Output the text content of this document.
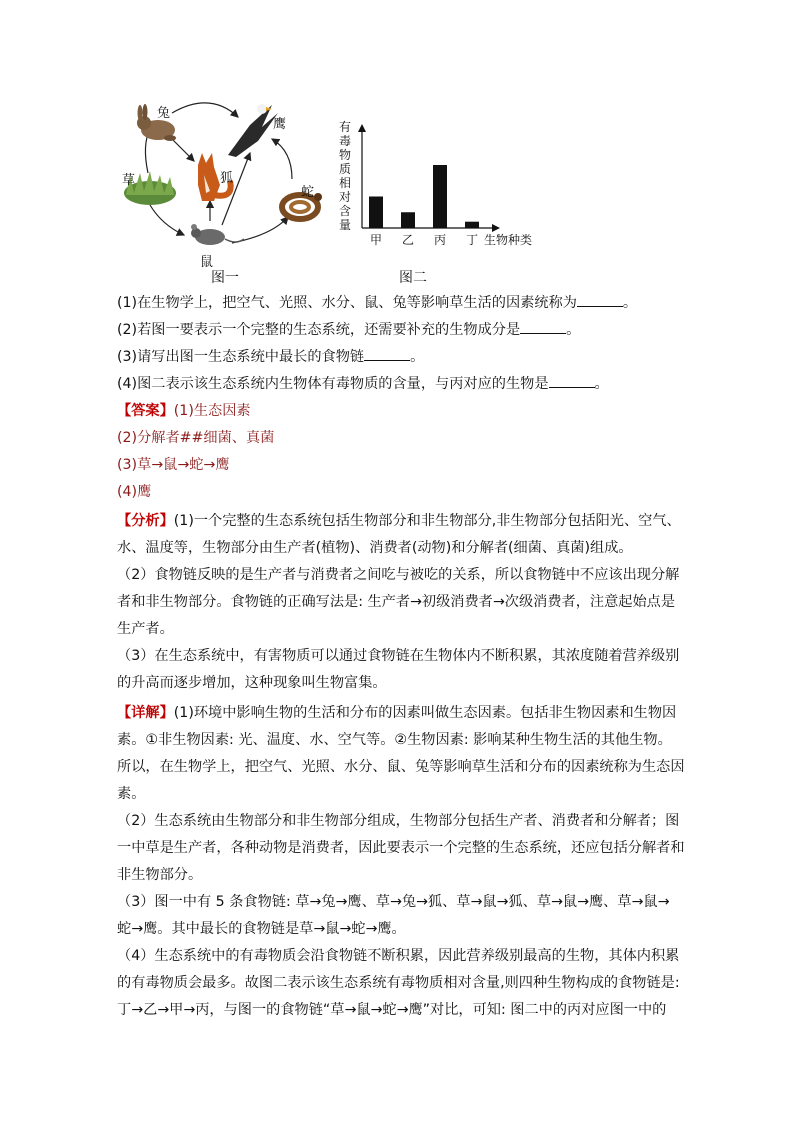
兔
鹰
草	狐
蛇
鼠
图一
有毒物质相对含量
甲 乙 丙 丁 生物种类
图二
(1)在生物学上，把空气、光照、水分、鼠、兔等影响草生活的因素统称为	。
(2)若图一要表示一个完整的生态系统，还需要补充的生物成分是	。
(3)请写出图一生态系统中最长的食物链	。
(4)图二表示该生态系统内生物体有毒物质的含量，与丙对应的生物是	。
【答案】(1)生态因素
(2)分解者##细菌、真菌
(3)草→鼠→蛇→鹰
(4)鹰
【分析】(1)一个完整的生态系统包括生物部分和非生物部分,非生物部分包括阳光、空气、
水、温度等，生物部分由生产者(植物)、消费者(动物)和分解者(细菌、真菌)组成。
（2）食物链反映的是生产者与消费者之间吃与被吃的关系，所以食物链中不应该出现分解
者和非生物部分。食物链的正确写法是: 生产者→初级消费者→次级消费者，注意起始点是
生产者。
（3）在生态系统中，有害物质可以通过食物链在生物体内不断积累，其浓度随着营养级别
的升高而逐步增加，这种现象叫生物富集。
【详解】(1)环境中影响生物的生活和分布的因素叫做生态因素。包括非生物因素和生物因
素。①非生物因素: 光、温度、水、空气等。②生物因素: 影响某种生物生活的其他生物。
所以，在生物学上，把空气、光照、水分、鼠、兔等影响草生活和分布的因素统称为生态因
素。
（2）生态系统由生物部分和非生物部分组成，生物部分包括生产者、消费者和分解者；图
一中草是生产者，各种动物是消费者，因此要表示一个完整的生态系统，还应包括分解者和
非生物部分。
（3）图一中有 5 条食物链: 草→兔→鹰、草→兔→狐、草→鼠→狐、草→鼠→鹰、草→鼠→
蛇→鹰。其中最长的食物链是草→鼠→蛇→鹰。
（4）生态系统中的有毒物质会沿食物链不断积累，因此营养级别最高的生物，其体内积累
的有毒物质会最多。故图二表示该生态系统有毒物质相对含量,则四种生物构成的食物链是:
丁→乙→甲→丙，与图一的食物链“草→鼠→蛇→鹰”对比，可知: 图二中的丙对应图一中的
